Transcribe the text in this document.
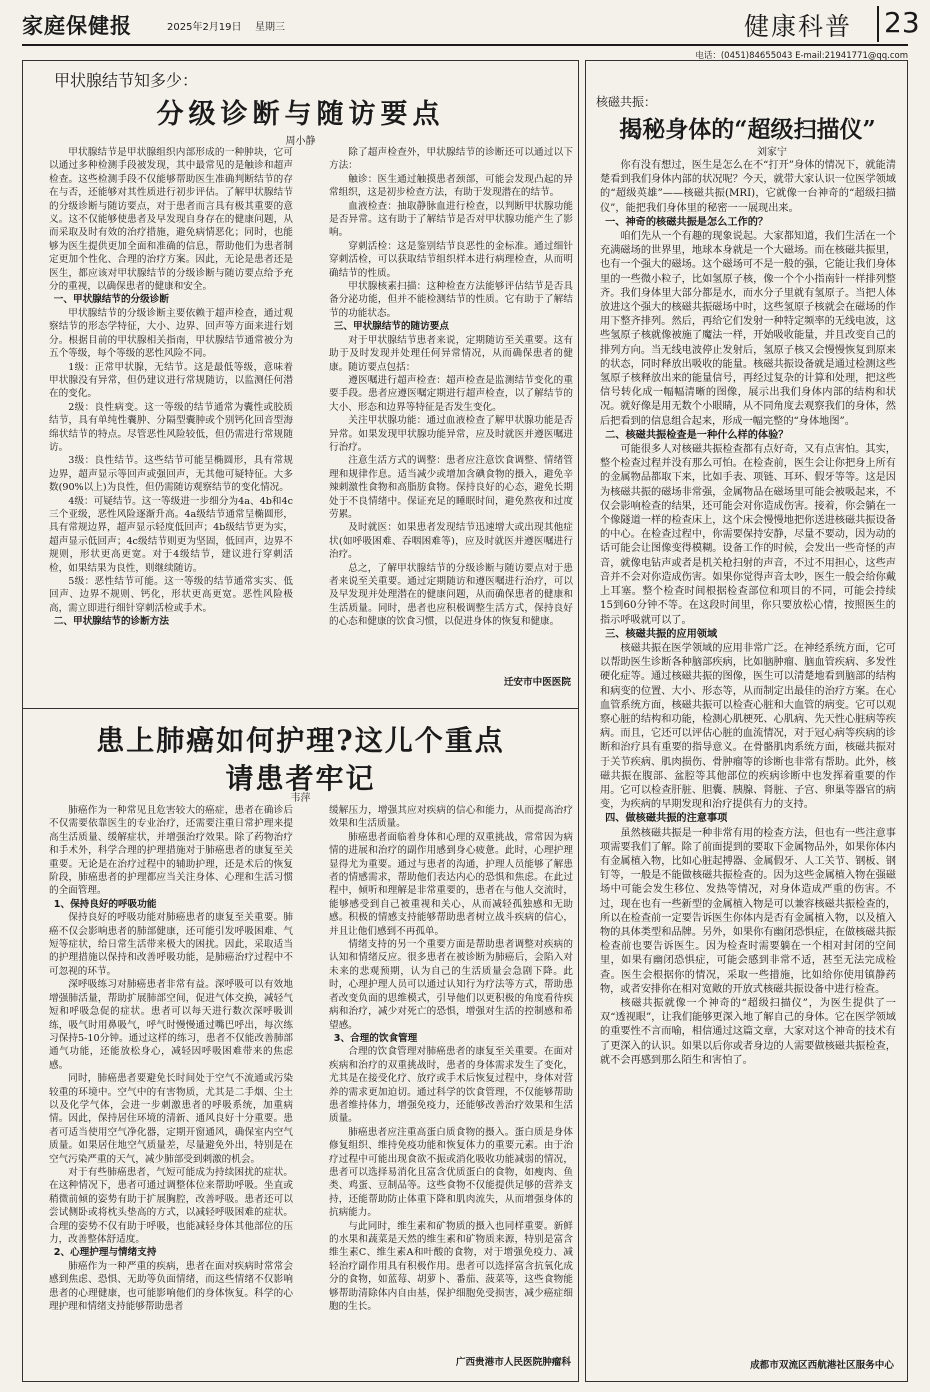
家庭保健报	2025年2月19日 星期三	健康科普 23
电话：(0451)84655043 E-mail:21941771@qq.com
甲状腺结节知多少：
分级诊断与随访要点
周小静

甲状腺结节是甲状腺组织内部形成的一种肿块，它可以通过多种检测手段被发现，其中最常见的是触诊和超声检查。这些检测手段不仅能够帮助医生准确判断结节的存在与否，还能够对其性质进行初步评估。了解甲状腺结节的分级诊断与随访要点，对于患者而言具有极其重要的意义。这不仅能够使患者及早发现自身存在的健康问题，从而采取及时有效的治疗措施，避免病情恶化；同时，也能够为医生提供更加全面和准确的信息，帮助他们为患者制定更加个性化、合理的治疗方案。因此，无论是患者还是医生，都应该对甲状腺结节的分级诊断与随访要点给予充分的重视，以确保患者的健康和安全。

一、甲状腺结节的分级诊断

甲状腺结节的分级诊断主要依赖于超声检查，通过观察结节的形态学特征，大小、边界、回声等方面来进行划分。根据目前的甲状腺相关指南，甲状腺结节通常被分为五个等级，每个等级的恶性风险不同。

1级：正常甲状腺，无结节。这是最低等级，意味着甲状腺没有异常，但仍建议进行常规随访，以监测任何潜在的变化。

2级：良性病变。这一等级的结节通常为囊性或胶质结节，具有单纯性囊肿、分隔型囊肿或个别钙化回音型海绵状结节的特点。尽管恶性风险较低，但仍需进行常规随访。

3级：良性结节。这些结节可能呈椭圆形，具有常规边界，超声显示等回声或强回声，无其他可疑特征。大多数(90%以上)为良性，但仍需随访观察结节的变化情况。

4级：可疑结节。这一等级进一步细分为4a、4b和4c三个亚级，恶性风险逐渐升高。4a级结节通常呈椭圆形，具有常规边界，超声显示轻度低回声；4b级结节更为实，超声显示低回声；4c级结节则更为坚固，低回声，边界不规则，形状更高更宽。对于4级结节，建议进行穿刺活检，如果结果为良性，则继续随访。

5级：恶性结节可能。这一等级的结节通常实实、低回声、边界不规则、钙化，形状更高更宽。恶性风险极高，需立即进行细针穿刺活检或手术。

二、甲状腺结节的诊断方法

除了超声检查外，甲状腺结节的诊断还可以通过以下方法：

触诊：医生通过触摸患者颈部，可能会发现凸起的异常组织，这是初步检查方法，有助于发现潜在的结节。

血液检查：抽取静脉血进行检查，以判断甲状腺功能是否异常。这有助于了解结节是否对甲状腺功能产生了影响。

穿刺活检：这是鉴别结节良恶性的金标准。通过细针穿刺活检，可以获取结节组织样本进行病理检查，从而明确结节的性质。

甲状腺核素扫描：这种检查方法能够评估结节是否具备分泌功能，但并不能检测结节的性质。它有助于了解结节的功能状态。

三、甲状腺结节的随访要点

对于甲状腺结节患者来说，定期随访至关重要。这有助于及时发现并处理任何异常情况，从而确保患者的健康。随访要点包括：

遵医嘱进行超声检查：超声检查是监测结节变化的重要手段。患者应遵医嘱定期进行超声检查，以了解结节的大小、形态和边界等特征是否发生变化。

关注甲状腺功能：通过血液检查了解甲状腺功能是否异常。如果发现甲状腺功能异常，应及时就医并遵医嘱进行治疗。

注意生活方式的调整：患者应注意饮食调整、情绪管理和规律作息。适当减少或增加含碘食物的摄入，避免辛辣刺激性食物和高脂肪食物。保持良好的心态，避免长期处于不良情绪中。保证充足的睡眠时间，避免熬夜和过度劳累。

及时就医：如果患者发现结节迅速增大或出现其他症状(如呼吸困难、吞咽困难等)，应及时就医并遵医嘱进行治疗。

总之，了解甲状腺结节的分级诊断与随访要点对于患者来说至关重要。通过定期随访和遵医嘱进行治疗，可以及早发现并处理潜在的健康问题，从而确保患者的健康和生活质量。同时，患者也应积极调整生活方式，保持良好的心态和健康的饮食习惯，以促进身体的恢复和健康。

迁安市中医医院
患上肺癌如何护理?这儿个重点
请患者牢记
韦萍

肺癌作为一种常见且危害较大的癌症，患者在确诊后不仅需要依靠医生的专业治疗，还需要注重日常护理来提高生活质量、缓解症状，并增强治疗效果。除了药物治疗和手术外，科学合理的护理措施对于肺癌患者的康复至关重要。无论是在治疗过程中的辅助护理，还是术后的恢复阶段，肺癌患者的护理都应当关注身体、心理和生活习惯的全面管理。

1、保持良好的呼吸功能

保持良好的呼吸功能对肺癌患者的康复至关重要。肺癌不仅会影响患者的肺部健康，还可能引发呼吸困难、气短等症状，给日常生活带来极大的困扰。因此，采取适当的护理措施以保持和改善呼吸功能，是肺癌治疗过程中不可忽视的环节。

深呼吸练习对肺癌患者非常有益。深呼吸可以有效地增强肺活量，帮助扩展肺部空间，促进气体交换，减轻气短和呼吸急促的症状。患者可以每天进行数次深呼吸训练，吸气时用鼻吸气，呼气时慢慢通过嘴巴呼出，每次练习保持5-10分钟。通过这样的练习，患者不仅能改善肺部通气功能，还能放松身心，减轻因呼吸困难带来的焦虑感。

同时，肺癌患者要避免长时间处于空气不流通或污染较重的环境中。空气中的有害物质，尤其是二手烟、尘土以及化学气体，会进一步刺激患者的呼吸系统，加重病情。因此，保持居住环境的清新、通风良好十分重要。患者可适当使用空气净化器，定期开窗通风，确保室内空气质量。如果居住地空气质量差，尽量避免外出，特别是在空气污染严重的天气，减少肺部受到刺激的机会。

对于有些肺癌患者，气短可能成为持续困扰的症状。在这种情况下，患者可通过调整体位来帮助呼吸。坐直或稍微前倾的姿势有助于扩展胸腔，改善呼吸。患者还可以尝试侧卧或将枕头垫高的方式，以减轻呼吸困难的症状。合理的姿势不仅有助于呼吸，也能减轻身体其他部位的压力，改善整体舒适度。

2、心理护理与情绪支持

肺癌作为一种严重的疾病，患者在面对疾病时常常会感到焦虑、恐惧、无助等负面情绪，而这些情绪不仅影响患者的心理健康，也可能影响他们的身体恢复。科学的心理护理和情绪支持能够帮助患者

缓解压力，增强其应对疾病的信心和能力，从而提高治疗效果和生活质量。

肺癌患者面临着身体和心理的双重挑战，常常因为病情的进展和治疗的副作用感到身心疲惫。此时，心理护理显得尤为重要。通过与患者的沟通，护理人员能够了解患者的情感需求，帮助他们表达内心的恐惧和焦虑。在此过程中，倾听和理解是非常重要的，患者在与他人交流时，能够感受到自己被重视和关心，从而减轻孤独感和无助感。积极的情感支持能够帮助患者树立战斗疾病的信心，并且让他们感到不再孤单。

情绪支持的另一个重要方面是帮助患者调整对疾病的认知和情绪反应。很多患者在被诊断为肺癌后，会陷入对未来的悲观预期，认为自己的生活质量会急剧下降。此时，心理护理人员可以通过认知行为疗法等方式，帮助患者改变负面的思维模式，引导他们以更积极的角度看待疾病和治疗，减少对死亡的恐惧，增强对生活的控制感和希望感。

3、合理的饮食管理

合理的饮食管理对肺癌患者的康复至关重要。在面对疾病和治疗的双重挑战时，患者的身体需求发生了变化，尤其是在接受化疗、放疗或手术后恢复过程中，身体对营养的需求更加迫切。通过科学的饮食管理，不仅能够帮助患者维持体力，增强免疫力，还能够改善治疗效果和生活质量。

肺癌患者应注重高蛋白质食物的摄入。蛋白质是身体修复组织、维持免疫功能和恢复体力的重要元素。由于治疗过程中可能出现食欲不振或消化吸收功能减弱的情况，患者可以选择易消化且富含优质蛋白的食物，如瘦肉、鱼类、鸡蛋、豆制品等。这些食物不仅能提供足够的营养支持，还能帮助防止体重下降和肌肉流失，从而增强身体的抗病能力。

与此同时，维生素和矿物质的摄入也同样重要。新鲜的水果和蔬菜是天然的维生素和矿物质来源，特别是富含维生素C、维生素A和叶酸的食物，对于增强免疫力、减轻治疗副作用具有积极作用。患者可以选择富含抗氧化成分的食物，如蓝莓、胡萝卜、番茄、菠菜等，这些食物能够帮助清除体内自由基，保护细胞免受损害，减少癌症细胞的生长。

广西贵港市人民医院肿瘤科
核磁共振：
揭秘身体的“超级扫描仪”
刘家宁

你有没有想过，医生是怎么在不“打开”身体的情况下，就能清楚看到我们身体内部的状况呢？今天，就带大家认识一位医学领域的“超级英雄”——核磁共振(MRI)，它就像一台神奇的“超级扫描仪”，能把我们身体里的秘密一一展现出来。

一、神奇的核磁共振是怎么工作的？

咱们先从一个有趣的现象说起。大家都知道，我们生活在一个充满磁场的世界里，地球本身就是一个大磁场。而在核磁共振里，也有一个强大的磁场。这个磁场可不是一般的强，它能让我们身体里的一些微小粒子，比如氢原子核，像一个个小指南针一样排列整齐。我们身体里大部分都是水，而水分子里就有氢原子。当把人体放进这个强大的核磁共振磁场中时，这些氢原子核就会在磁场的作用下整齐排列。然后，再给它们发射一种特定频率的无线电波，这些氢原子核就像被施了魔法一样，开始吸收能量，并且改变自己的排列方向。当无线电波停止发射后，氢原子核又会慢慢恢复到原来的状态，同时释放出吸收的能量。核磁共振设备就是通过检测这些氢原子核释放出来的能量信号，再经过复杂的计算和处理，把这些信号转化成一幅幅清晰的图像，展示出我们身体内部的结构和状况。就好像是用无数个小眼睛，从不同角度去观察我们的身体，然后把看到的信息组合起来，形成一幅完整的“身体地图”。

二、核磁共振检查是一种什么样的体验？

可能很多人对核磁共振检查都有点好奇，又有点害怕。其实，整个检查过程并没有那么可怕。在检查前，医生会让你把身上所有的金属物品都取下来，比如手表、项链、耳环、假牙等等。这是因为核磁共振的磁场非常强，金属物品在磁场里可能会被吸起来，不仅会影响检查的结果，还可能会对你造成伤害。接着，你会躺在一个像隧道一样的检查床上，这个床会慢慢地把你送进核磁共振设备的中心。在检查过程中，你需要保持安静，尽量不要动，因为动的话可能会让图像变得模糊。设备工作的时候，会发出一些奇怪的声音，就像电钻声或者是机关枪扫射的声音，不过不用担心，这些声音并不会对你造成伤害。如果你觉得声音太吵，医生一般会给你戴上耳塞。整个检查时间根据检查部位和项目的不同，可能会持续15到60分钟不等。在这段时间里，你只要放松心情，按照医生的指示呼吸就可以了。

三、核磁共振的应用领域

核磁共振在医学领域的应用非常广泛。在神经系统方面，它可以帮助医生诊断各种脑部疾病，比如脑肿瘤、脑血管疾病、多发性硬化症等。通过核磁共振的图像，医生可以清楚地看到脑部的结构和病变的位置、大小、形态等，从而制定出最佳的治疗方案。在心血管系统方面，核磁共振可以检查心脏和大血管的病变。它可以观察心脏的结构和功能，检测心肌梗死、心肌病、先天性心脏病等疾病。而且，它还可以评估心脏的血流情况，对于冠心病等疾病的诊断和治疗具有重要的指导意义。在骨骼肌肉系统方面，核磁共振对于关节疾病、肌肉损伤、骨肿瘤等的诊断也非常有帮助。此外，核磁共振在腹部、盆腔等其他部位的疾病诊断中也发挥着重要的作用。它可以检查肝脏、胆囊、胰腺、肾脏、子宫、卵巢等器官的病变，为疾病的早期发现和治疗提供有力的支持。

四、做核磁共振的注意事项

虽然核磁共振是一种非常有用的检查方法，但也有一些注意事项需要我们了解。除了前面提到的要取下金属物品外，如果你体内有金属植入物，比如心脏起搏器、金属假牙、人工关节、钢板、钢钉等，一般是不能做核磁共振检查的。因为这些金属植入物在强磁场中可能会发生移位、发热等情况，对身体造成严重的伤害。不过，现在也有一些新型的金属植入物是可以兼容核磁共振检查的，所以在检查前一定要告诉医生你体内是否有金属植入物，以及植入物的具体类型和品牌。另外，如果你有幽闭恐惧症，在做核磁共振检查前也要告诉医生。因为检查时需要躺在一个相对封闭的空间里，如果有幽闭恐惧症，可能会感到非常不适，甚至无法完成检查。医生会根据你的情况，采取一些措施，比如给你使用镇静药物，或者安排你在相对宽敞的开放式核磁共振设备中进行检查。

核磁共振就像一个神奇的“超级扫描仪”，为医生提供了一双“透视眼”，让我们能够更深入地了解自己的身体。它在医学领域的重要性不言而喻，相信通过这篇文章，大家对这个神奇的技术有了更深入的认识。如果以后你或者身边的人需要做核磁共振检查，就不会再感到那么陌生和害怕了。

成都市双流区西航港社区服务中心
